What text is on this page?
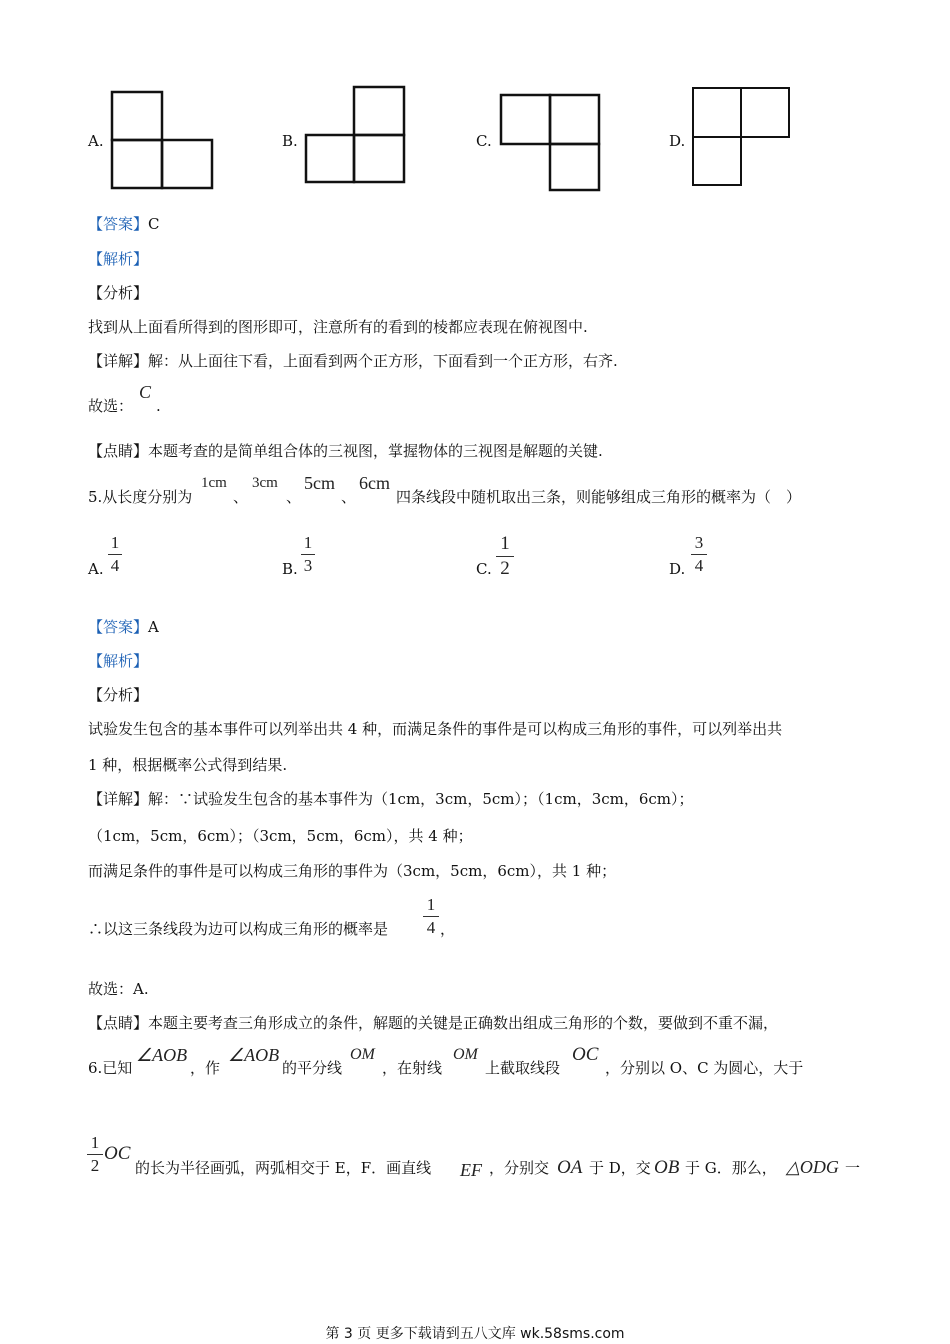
A.	B.	C.	D.
【答案】C
【解析】
【分析】
找到从上面看所得到的图形即可，注意所有的看到的棱都应表现在俯视图中.
【详解】解：从上面往下看，上面看到两个正方形，下面看到一个正方形，右齐.
故选：
C
.
【点睛】本题考查的是简单组合体的三视图，掌握物体的三视图是解题的关键.
5.从长度分别为
1cm
、
3cm
、
5cm
、
6cm
四条线段中随机取出三条，则能够组成三角形的概率为（　）
A.
1
4	B.
1
3	C.
1
2	D.
3
4
【答案】A
【解析】
【分析】
试验发生包含的基本事件可以列举出共 4 种，而满足条件的事件是可以构成三角形的事件，可以列举出共
1 种，根据概率公式得到结果.
【详解】解：∵试验发生包含的基本事件为（1cm，3cm，5cm）；（1cm，3cm，6cm）；
（1cm，5cm，6cm）；（3cm，5cm，6cm），共 4 种；
而满足条件的事件是可以构成三角形的事件为（3cm，5cm，6cm），共 1 种；
∴以这三条线段为边可以构成三角形的概率是
1
4 ，
故选：A.
【点睛】本题主要考查三角形成立的条件，解题的关键是正确数出组成三角形的个数，要做到不重不漏，
6.已知
∠AOB
，作
∠AOB
的平分线
OM
，在射线
OM
上截取线段
OC
，分别以 O、C 为圆心，大于
1
2
OC
的长为半径画弧，两弧相交于 E，F．画直线 EF ，分别交 OA 于 D，交 OB 于 G．那么， △ODG 一
第 3 页 更多下载请到五八文库 wk.58sms.com
